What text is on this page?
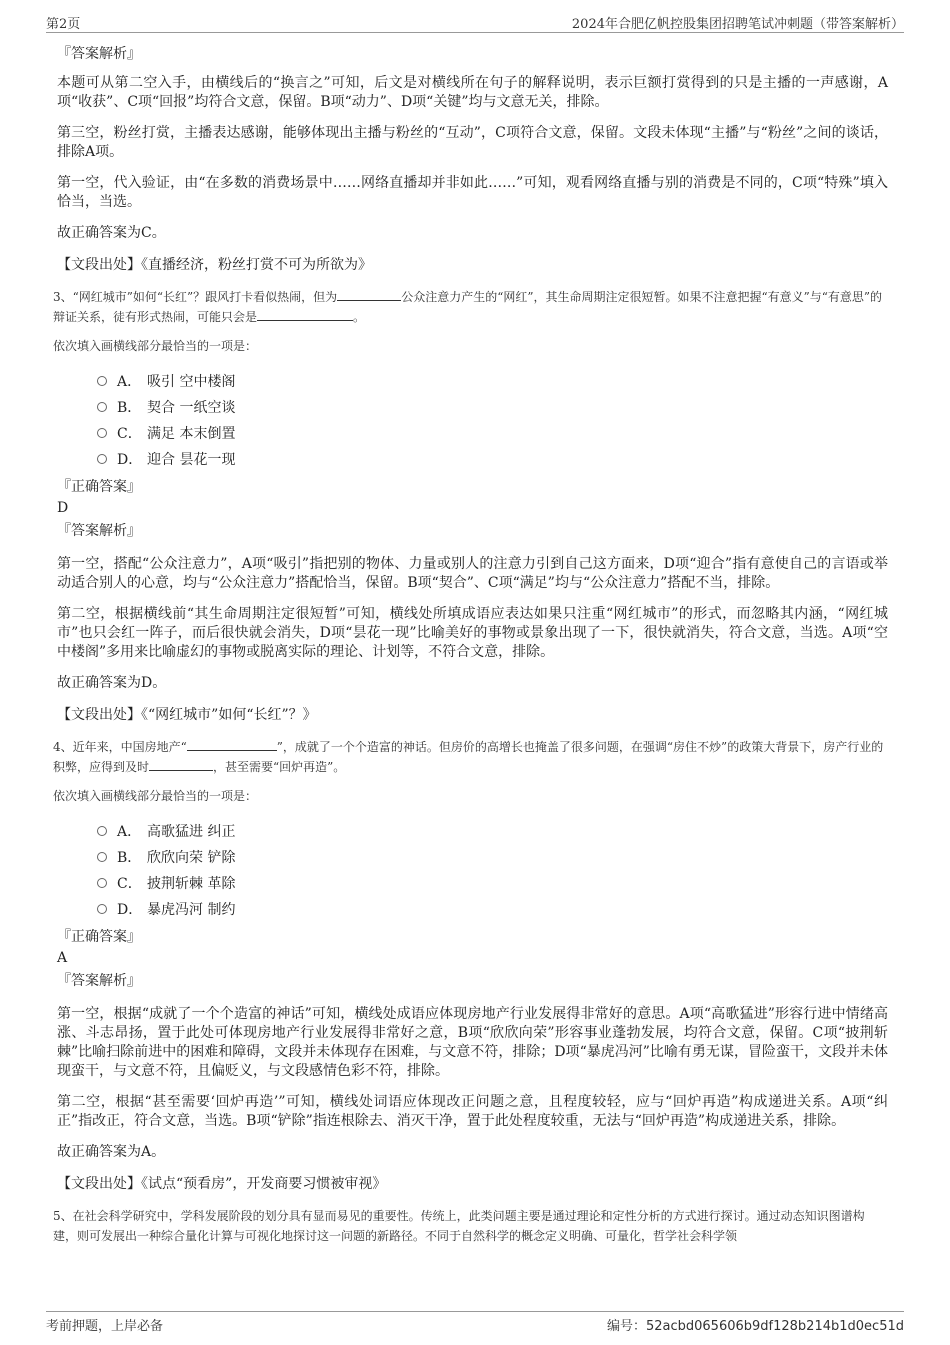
第2页	2024年合肥亿帆控股集团招聘笔试冲刺题（带答案解析）
『答案解析』

本题可从第二空入手，由横线后的“换言之”可知，后文是对横线所在句子的解释说明，表示巨额打赏得到的只是主播的一声感谢，A项“收获”、C项“回报”均符合文意，保留。B项“动力”、D项“关键”均与文意无关，排除。

第三空，粉丝打赏，主播表达感谢，能够体现出主播与粉丝的“互动”，C项符合文意，保留。文段未体现“主播”与“粉丝”之间的谈话，排除A项。

第一空，代入验证，由“在多数的消费场景中……网络直播却并非如此……”可知，观看网络直播与别的消费是不同的，C项“特殊”填入恰当，当选。

故正确答案为C。

【文段出处】《直播经济，粉丝打赏不可为所欲为》

3、“网红城市”如何“长红”？跟风打卡看似热闹，但为	公众注意力产生的“网红”，其生命周期注定很短暂。如果不注意把握“有意义”与“有意思”的辩证关系，徒有形式热闹，可能只会是	。
依次填入画横线部分最恰当的一项是：
A． 吸引 空中楼阁
B． 契合 一纸空谈
C． 满足 本末倒置
D． 迎合 昙花一现
『正确答案』
D
『答案解析』

第一空，搭配“公众注意力”，A项“吸引”指把别的物体、力量或别人的注意力引到自己这方面来，D项“迎合”指有意使自己的言语或举动适合别人的心意，均与“公众注意力”搭配恰当，保留。B项“契合”、C项“满足”均与“公众注意力”搭配不当，排除。

第二空，根据横线前“其生命周期注定很短暂”可知，横线处所填成语应表达如果只注重“网红城市”的形式，而忽略其内涵，“网红城市”也只会红一阵子，而后很快就会消失，D项“昙花一现”比喻美好的事物或景象出现了一下，很快就消失，符合文意，当选。A项“空中楼阁”多用来比喻虚幻的事物或脱离实际的理论、计划等，不符合文意，排除。

故正确答案为D。

【文段出处】《“网红城市”如何“长红”？》

4、近年来，中国房地产“	”，成就了一个个造富的神话。但房价的高增长也掩盖了很多问题，在强调“房住不炒”的政策大背景下，房产行业的积弊，应得到及时	，甚至需要“回炉再造”。
依次填入画横线部分最恰当的一项是：
A． 高歌猛进 纠正
B． 欣欣向荣 铲除
C． 披荆斩棘 革除
D． 暴虎冯河 制约
『正确答案』
A
『答案解析』

第一空，根据“成就了一个个造富的神话”可知，横线处成语应体现房地产行业发展得非常好的意思。A项“高歌猛进”形容行进中情绪高涨、斗志昂扬，置于此处可体现房地产行业发展得非常好之意，B项“欣欣向荣”形容事业蓬勃发展，均符合文意，保留。C项“披荆斩棘”比喻扫除前进中的困难和障碍，文段并未体现存在困难，与文意不符，排除；D项“暴虎冯河”比喻有勇无谋，冒险蛮干，文段并未体现蛮干，与文意不符，且偏贬义，与文段感情色彩不符，排除。

第二空，根据“甚至需要‘回炉再造’”可知，横线处词语应体现改正问题之意，且程度较轻，应与“回炉再造”构成递进关系。A项“纠正”指改正，符合文意，当选。B项“铲除”指连根除去、消灭干净，置于此处程度较重，无法与“回炉再造”构成递进关系，排除。

故正确答案为A。

【文段出处】《试点“预看房”，开发商要习惯被审视》

5、在社会科学研究中，学科发展阶段的划分具有显而易见的重要性。传统上，此类问题主要是通过理论和定性分析的方式进行探讨。通过动态知识图谱构建，则可发展出一种综合量化计算与可视化地探讨这一问题的新路径。不同于自然科学的概念定义明确、可量化，哲学社会科学领
考前押题，上岸必备	编号：52acbd065606b9df128b214b1d0ec51d
